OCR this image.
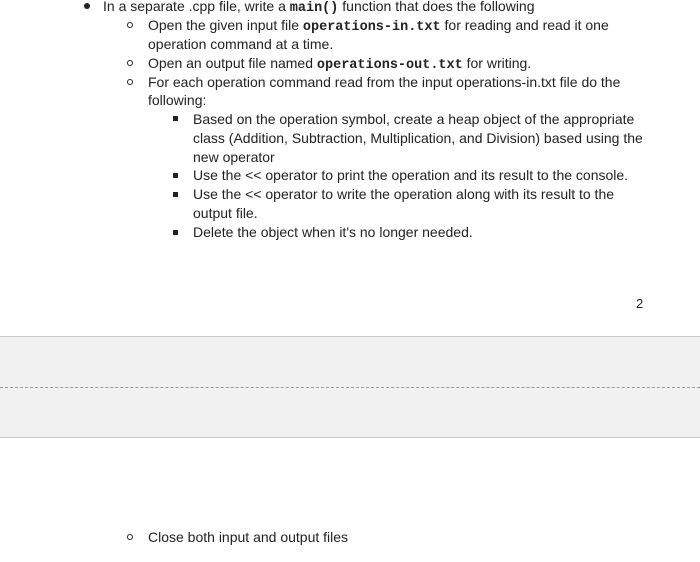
In a separate .cpp file, write a main() function that does the following
Open the given input file operations-in.txt for reading and read it one
operation command at a time.
Open an output file named operations-out.txt for writing.
For each operation command read from the input operations-in.txt file do the
following:
Based on the operation symbol, create a heap object of the appropriate
class (Addition, Subtraction, Multiplication, and Division) based using the
new operator
Use the << operator to print the operation and its result to the console.
Use the << operator to write the operation along with its result to the
output file.
Delete the object when it's no longer needed.
2
Close both input and output files
